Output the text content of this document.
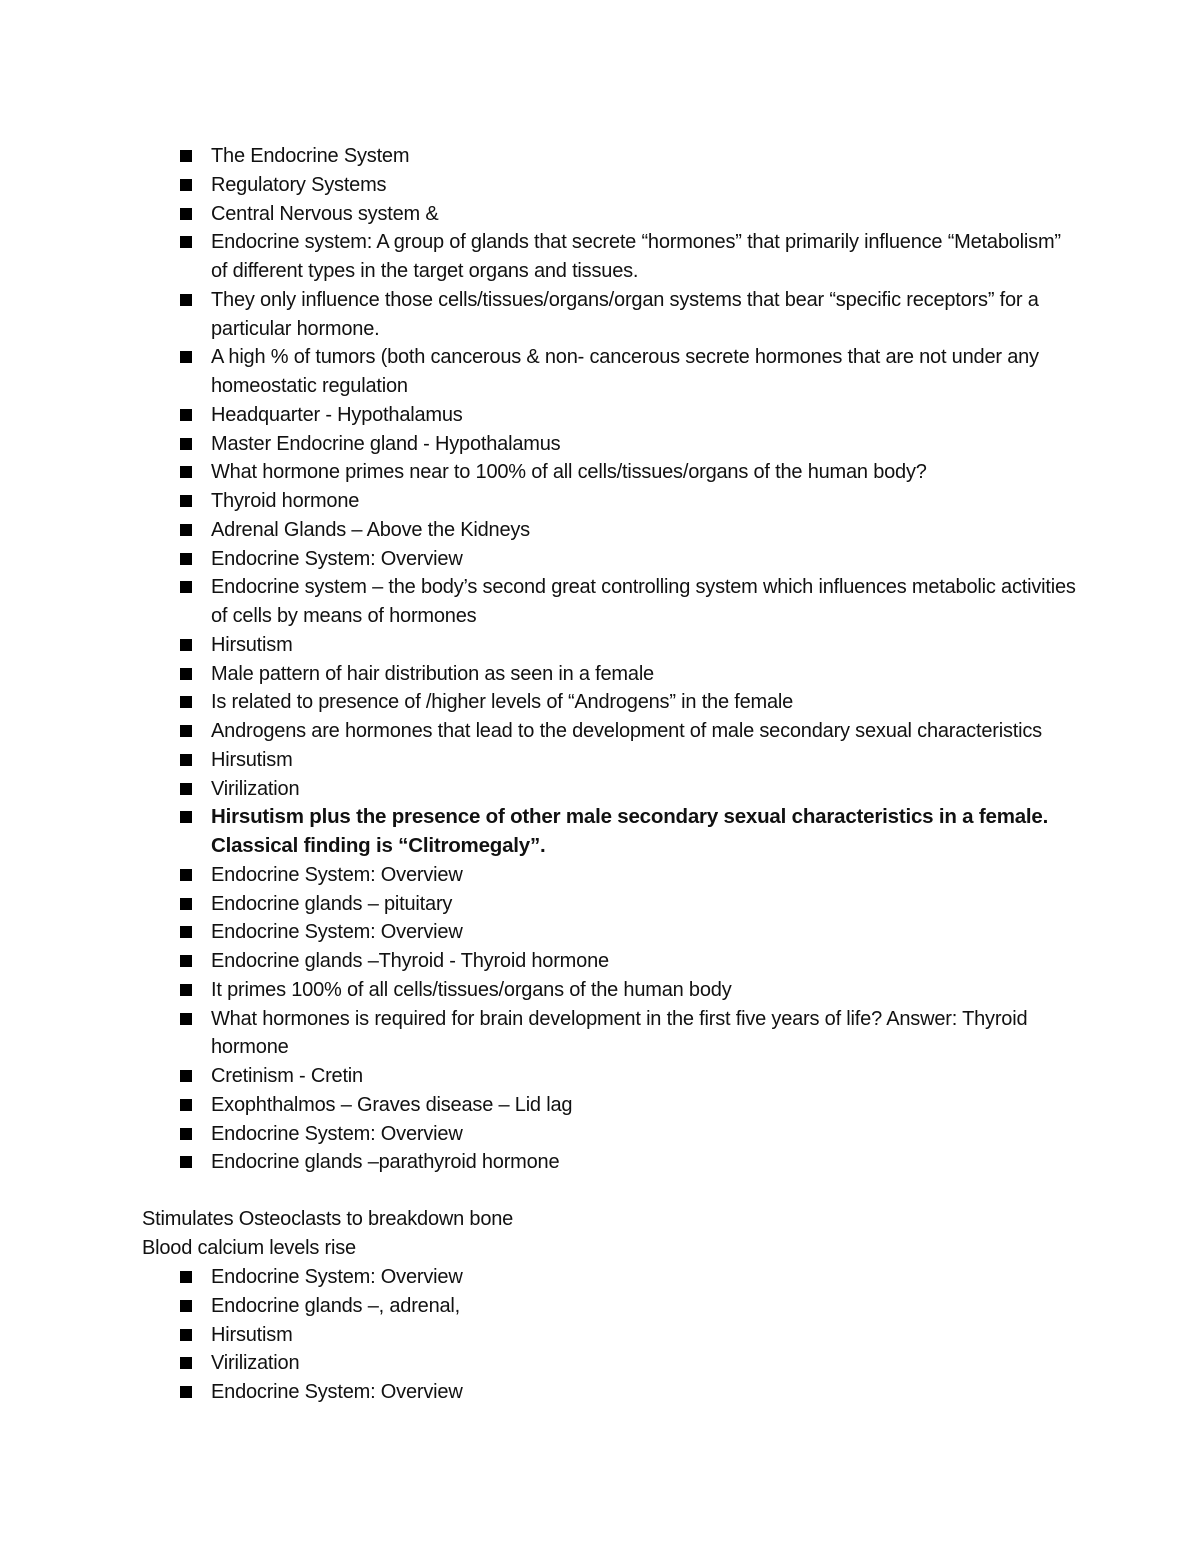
The Endocrine System
Regulatory Systems
Central Nervous system &
Endocrine system: A group of glands that secrete “hormones” that primarily influence “Metabolism” of different types in the target organs and tissues.
They only influence those cells/tissues/organs/organ systems that bear “specific receptors” for a particular hormone.
A high % of tumors (both cancerous & non- cancerous secrete hormones that are not under any homeostatic regulation
Headquarter - Hypothalamus
Master Endocrine gland - Hypothalamus
What hormone primes near to 100% of all cells/tissues/organs of the human body?
Thyroid hormone
Adrenal Glands – Above the Kidneys
Endocrine System: Overview
Endocrine system – the body’s second great controlling system which influences metabolic activities of cells by means of hormones
Hirsutism
Male pattern of hair distribution as seen in a female
Is related to presence of /higher levels of “Androgens” in the female
Androgens are hormones that lead to the development of male secondary sexual characteristics
Hirsutism
Virilization
Hirsutism plus the presence of other male secondary sexual characteristics in a female. Classical finding is “Clitromegaly”.
Endocrine System: Overview
Endocrine glands – pituitary
Endocrine System: Overview
Endocrine glands –Thyroid - Thyroid hormone
It primes 100% of all cells/tissues/organs of the human body
What hormones is required for brain development in the first five years of life? Answer: Thyroid hormone
Cretinism - Cretin
Exophthalmos – Graves disease – Lid lag
Endocrine System: Overview
Endocrine glands –parathyroid hormone
Stimulates Osteoclasts to breakdown bone
Blood calcium levels rise
Endocrine System: Overview
Endocrine glands –, adrenal,
Hirsutism
Virilization
Endocrine System: Overview
